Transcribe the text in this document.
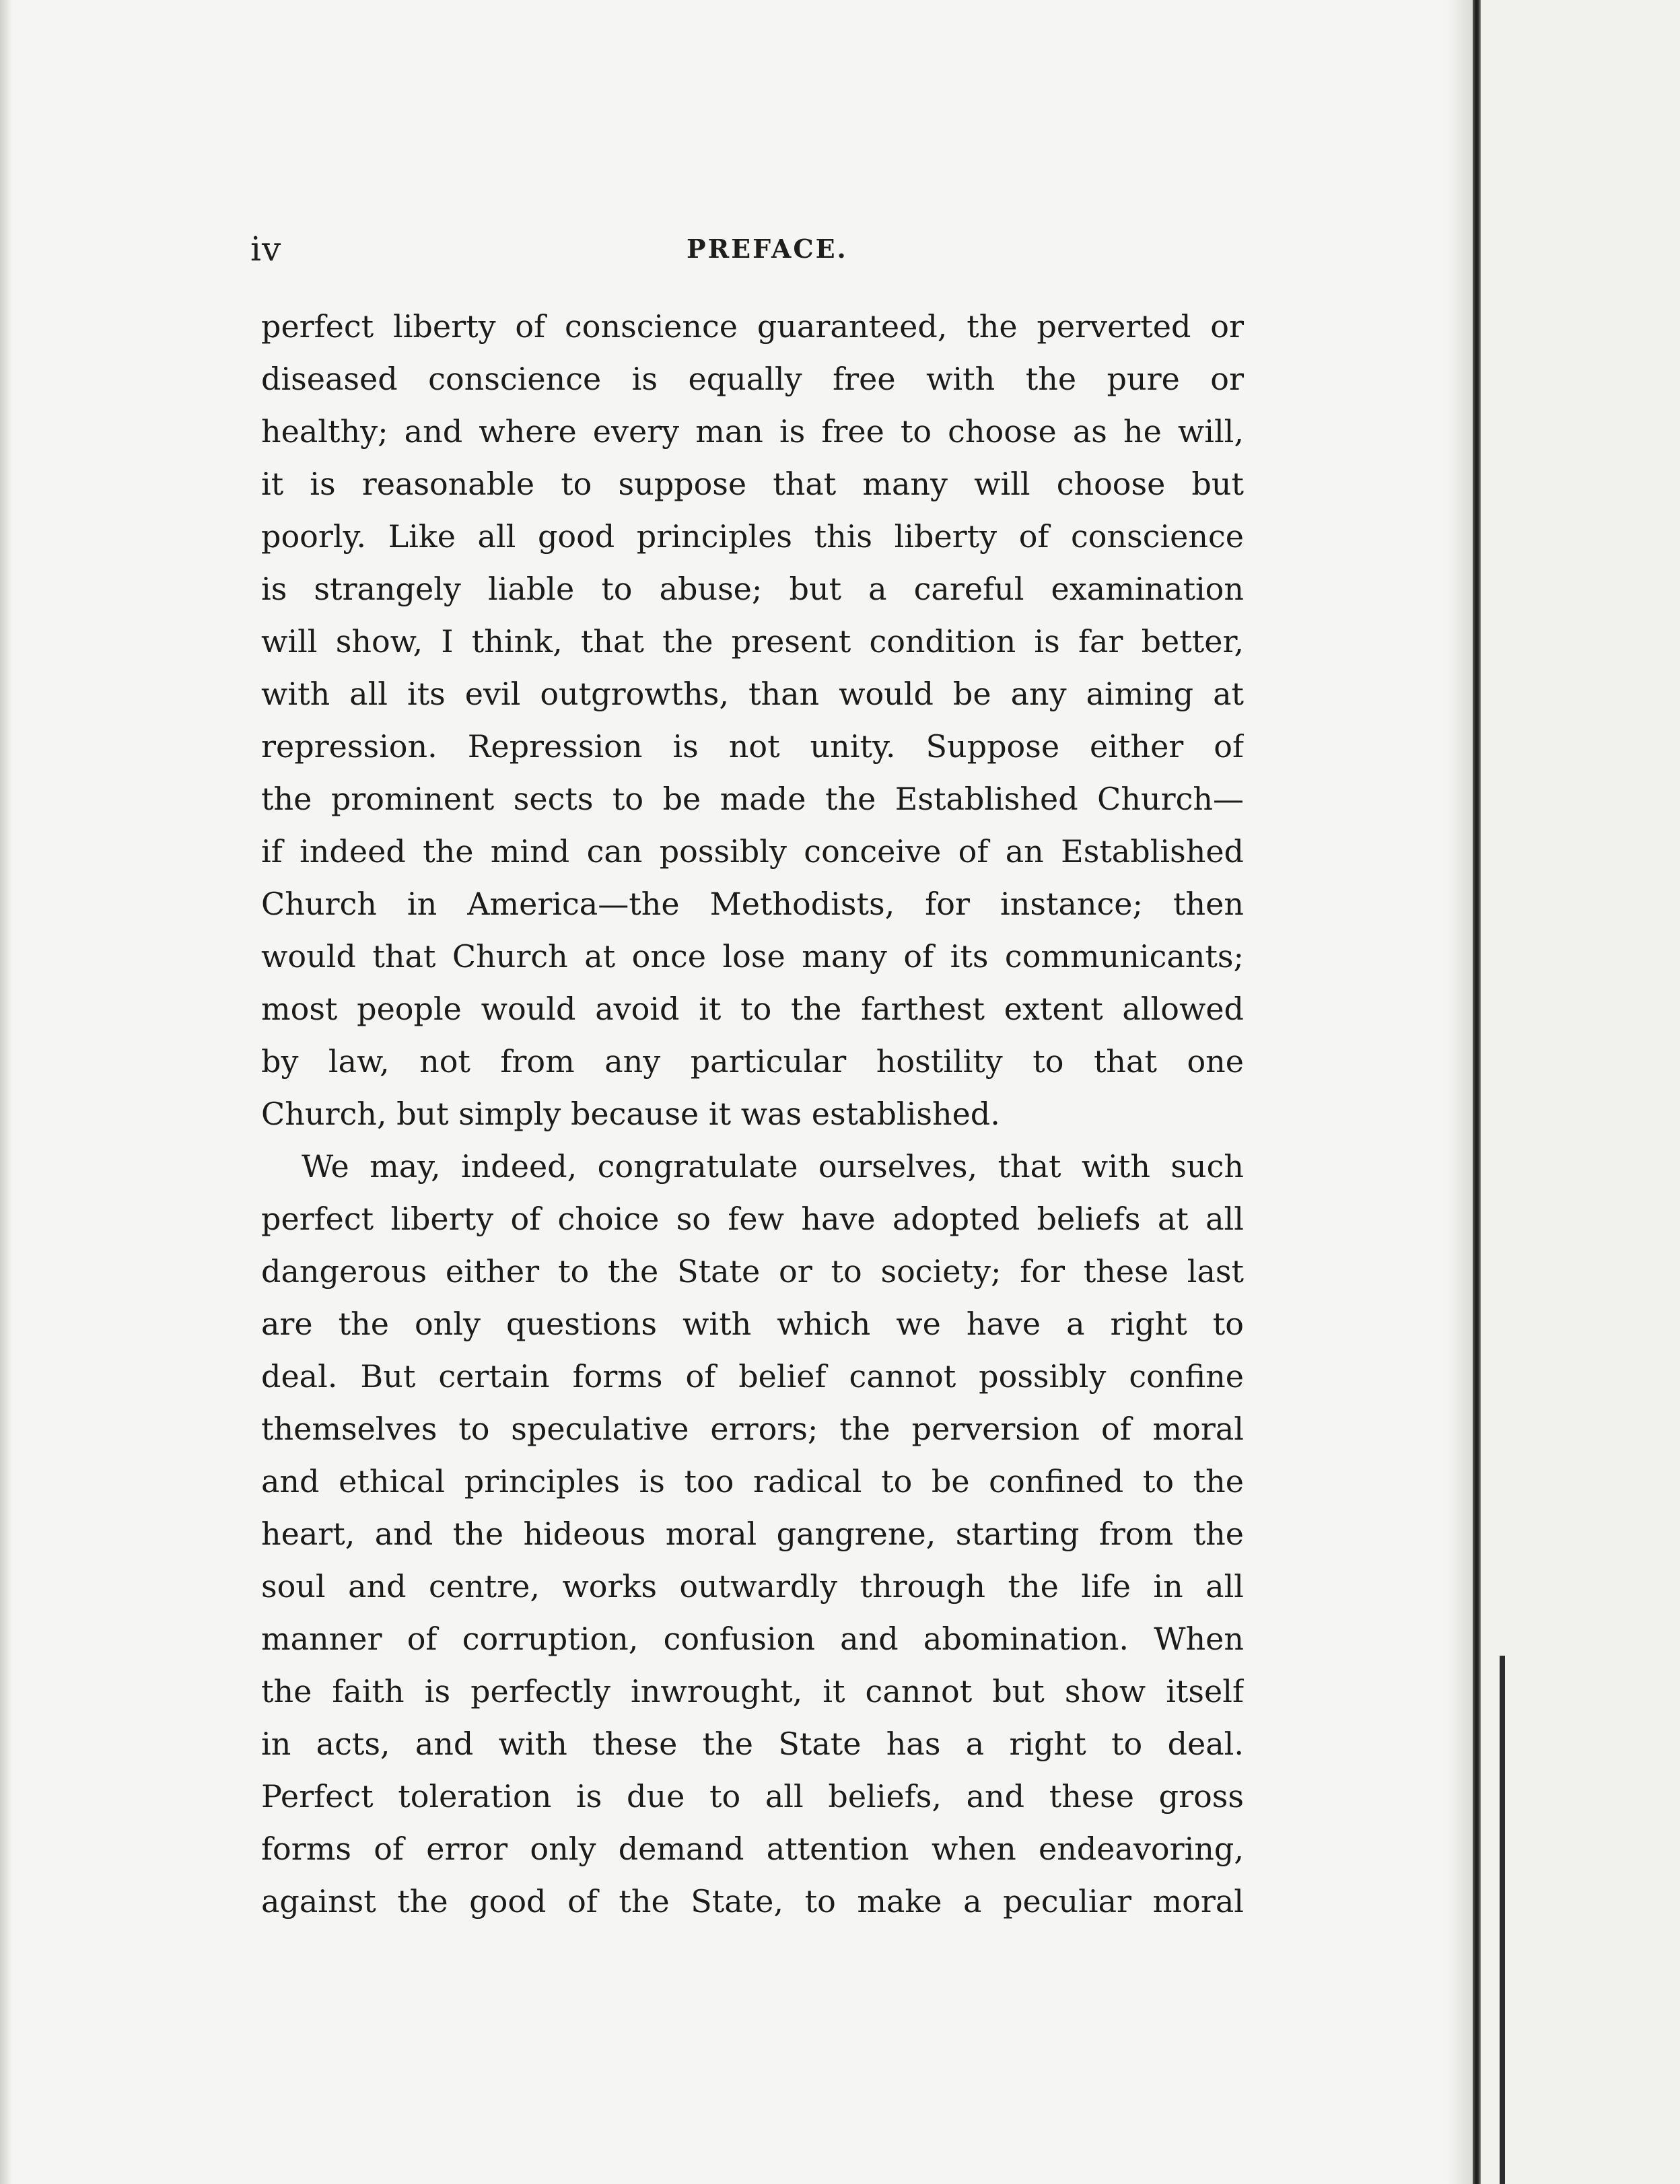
iv	PREFACE.
perfect liberty of conscience guaranteed, the perverted or
diseased conscience is equally free with the pure or
healthy; and where every man is free to choose as he will,
it is reasonable to suppose that many will choose but
poorly. Like all good principles this liberty of conscience
is strangely liable to abuse; but a careful examination
will show, I think, that the present condition is far better,
with all its evil outgrowths, than would be any aiming at
repression. Repression is not unity. Suppose either of
the prominent sects to be made the Established Church—
if indeed the mind can possibly conceive of an Established
Church in America—the Methodists, for instance; then
would that Church at once lose many of its communicants;
most people would avoid it to the farthest extent allowed
by law, not from any particular hostility to that one
Church, but simply because it was established.
We may, indeed, congratulate ourselves, that with such
perfect liberty of choice so few have adopted beliefs at all
dangerous either to the State or to society; for these last
are the only questions with which we have a right to
deal. But certain forms of belief cannot possibly confine
themselves to speculative errors; the perversion of moral
and ethical principles is too radical to be confined to the
heart, and the hideous moral gangrene, starting from the
soul and centre, works outwardly through the life in all
manner of corruption, confusion and abomination. When
the faith is perfectly inwrought, it cannot but show itself
in acts, and with these the State has a right to deal.
Perfect toleration is due to all beliefs, and these gross
forms of error only demand attention when endeavoring,
against the good of the State, to make a peculiar moral
